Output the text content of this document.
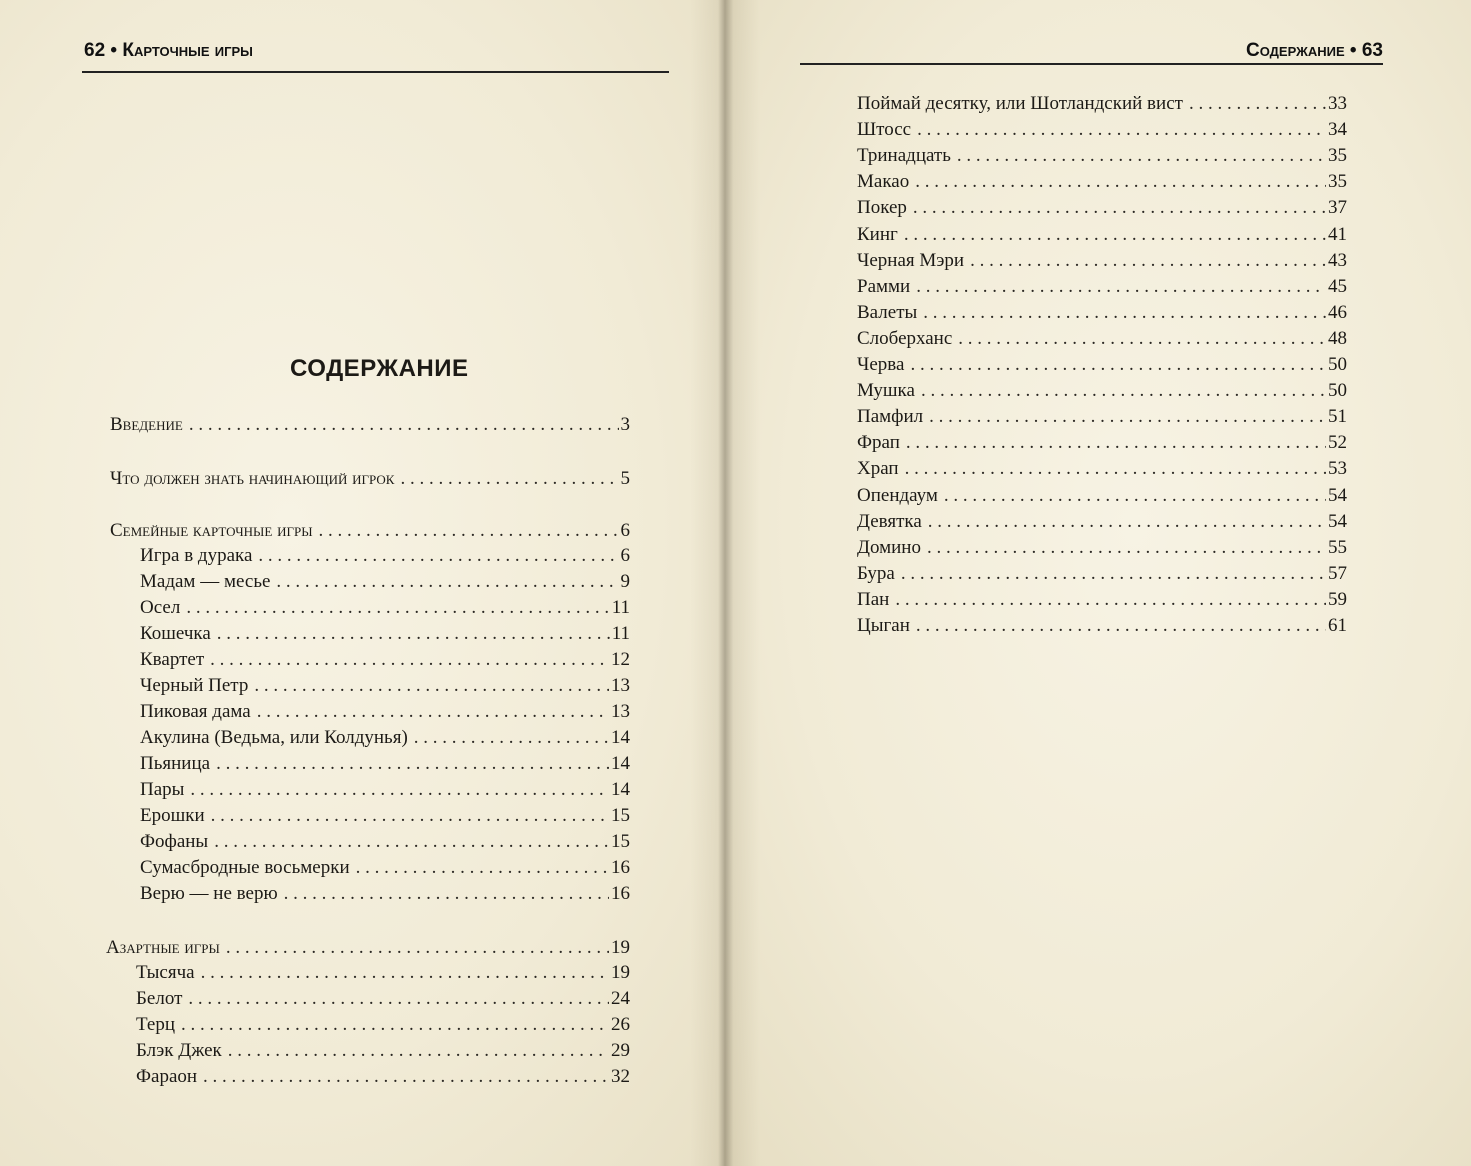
62 • Карточные игры	Содержание • 63
СОДЕРЖАНИЕ
Введение . . .	3
Что должен знать начинающий игрок . . .	5
Семейные карточные игры . . .	6
Игра в дурака . . .	6
Мадам — месье . . .	9
Осел . . .	11
Кошечка . . .	11
Квартет . . .	12
Черный Петр . . .	13
Пиковая дама . . .	13
Акулина (Ведьма, или Колдунья) . . .	14
Пьяница . . .	14
Пары . . .	14
Ерошки . . .	15
Фофаны . . .	15
Сумасбродные восьмерки . . .	16
Верю — не верю . . .	16
Азартные игры . . .	19
Тысяча . . .	19
Белот . . .	24
Терц . . .	26
Блэк Джек . . .	29
Фараон . . .	32
Поймай десятку, или Шотландский вист . . .	33
Штосс . . .	34
Тринадцать . . .	35
Макао . . .	35
Покер . . .	37
Кинг . . .	41
Черная Мэри . . .	43
Рамми . . .	45
Валеты . . .	46
Слоберханс . . .	48
Черва . . .	50
Мушка . . .	50
Памфил . . .	51
Фрап . . .	52
Храп . . .	53
Опендаум . . .	54
Девятка . . .	54
Домино . . .	55
Бура . . .	57
Пан . . .	59
Цыган . . .	61
